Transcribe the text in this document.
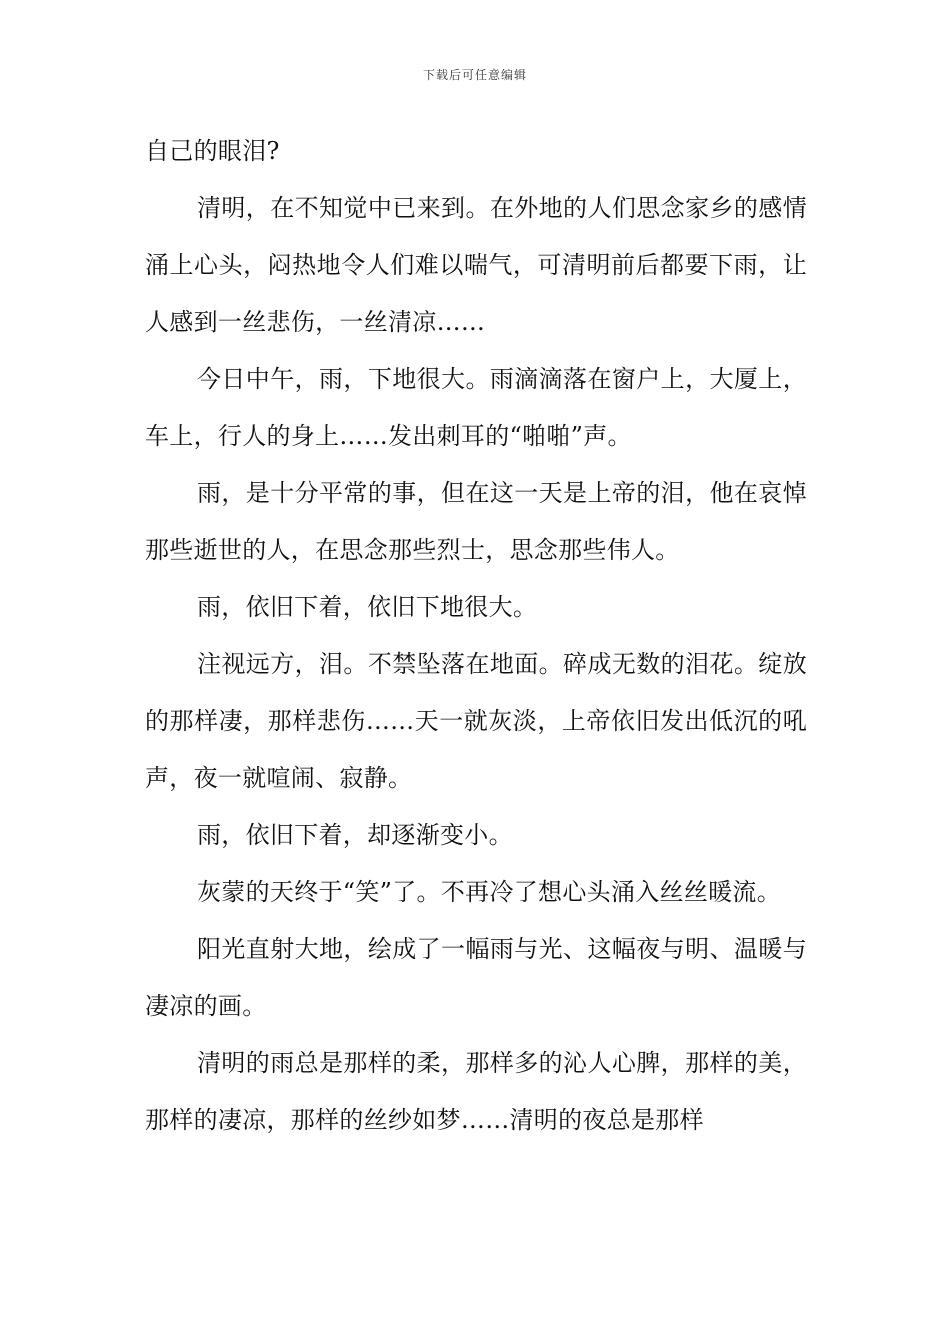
下载后可任意编辑

自己的眼泪?

清明，在不知觉中已来到。在外地的人们思念家乡的感情涌上心头，闷热地令人们难以喘气，可清明前后都要下雨，让人感到一丝悲伤，一丝清凉……

今日中午，雨，下地很大。雨滴滴落在窗户上，大厦上，车上，行人的身上……发出刺耳的“啪啪”声。

雨，是十分平常的事，但在这一天是上帝的泪，他在哀悼那些逝世的人，在思念那些烈士，思念那些伟人。

雨，依旧下着，依旧下地很大。

注视远方，泪。不禁坠落在地面。碎成无数的泪花。绽放的那样凄，那样悲伤……天一就灰淡，上帝依旧发出低沉的吼声，夜一就喧闹、寂静。

雨，依旧下着，却逐渐变小。

灰蒙的天终于“笑”了。不再冷了想心头涌入丝丝暖流。

阳光直射大地，绘成了一幅雨与光、这幅夜与明、温暖与凄凉的画。

清明的雨总是那样的柔，那样多的沁人心脾，那样的美，那样的凄凉，那样的丝纱如梦……清明的夜总是那样
